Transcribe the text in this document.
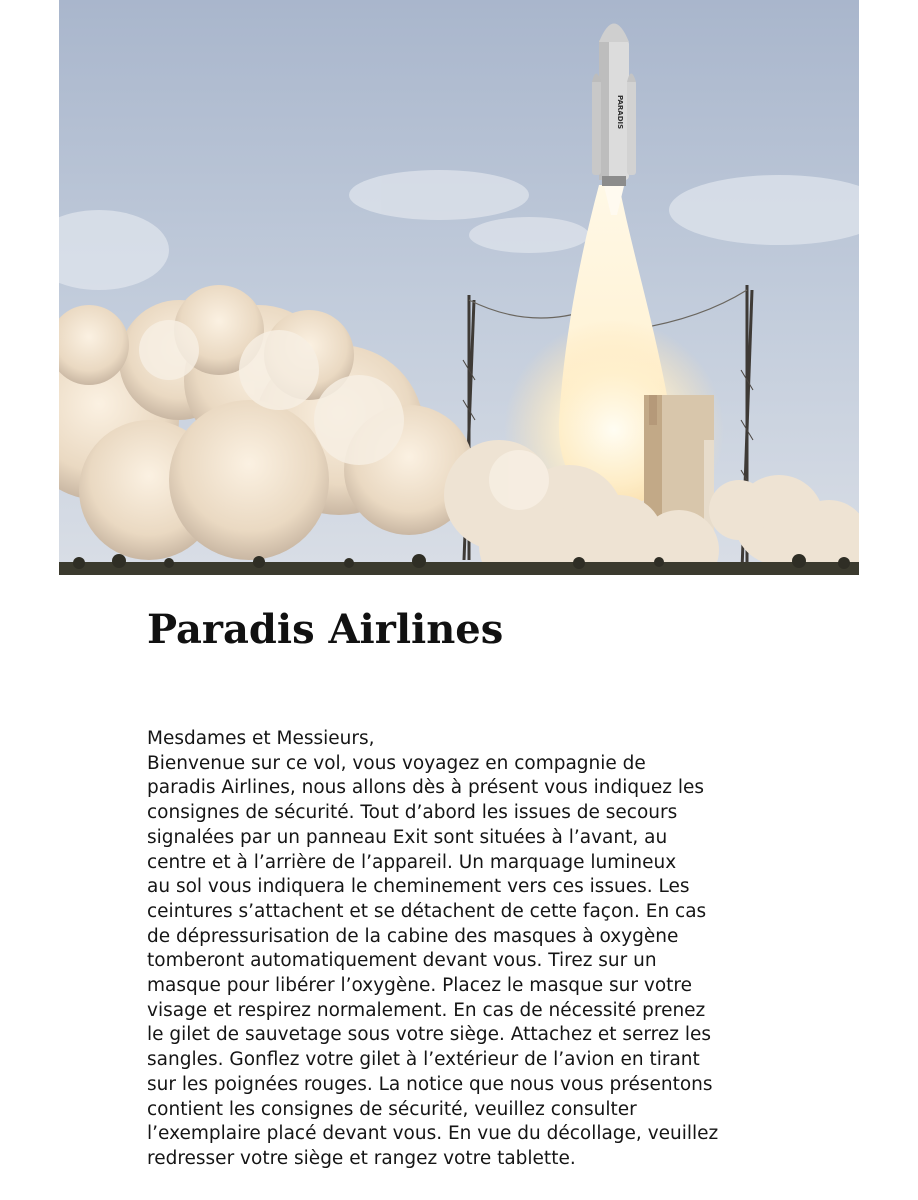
PARADIS
Paradis Airlines
Mesdames et Messieurs,
Bienvenue sur ce vol, vous voyagez en compagnie de
paradis Airlines, nous allons dès à présent vous indiquez les
consignes de sécurité. Tout d’abord les issues de secours
signalées par un panneau Exit sont situées à l’avant, au
centre et à l’arrière de l’appareil. Un marquage lumineux
au sol vous indiquera le cheminement vers ces issues. Les
ceintures s’attachent et se détachent de cette façon. En cas
de dépressurisation de la cabine des masques à oxygène
tomberont automatiquement devant vous. Tirez sur un
masque pour libérer l’oxygène. Placez le masque sur votre
visage et respirez normalement. En cas de nécessité prenez
le gilet de sauvetage sous votre siège. Attachez et serrez les
sangles. Gonflez votre gilet à l’extérieur de l’avion en tirant
sur les poignées rouges. La notice que nous vous présentons
contient les consignes de sécurité, veuillez consulter
l’exemplaire placé devant vous. En vue du décollage, veuillez
redresser votre siège et rangez votre tablette.
